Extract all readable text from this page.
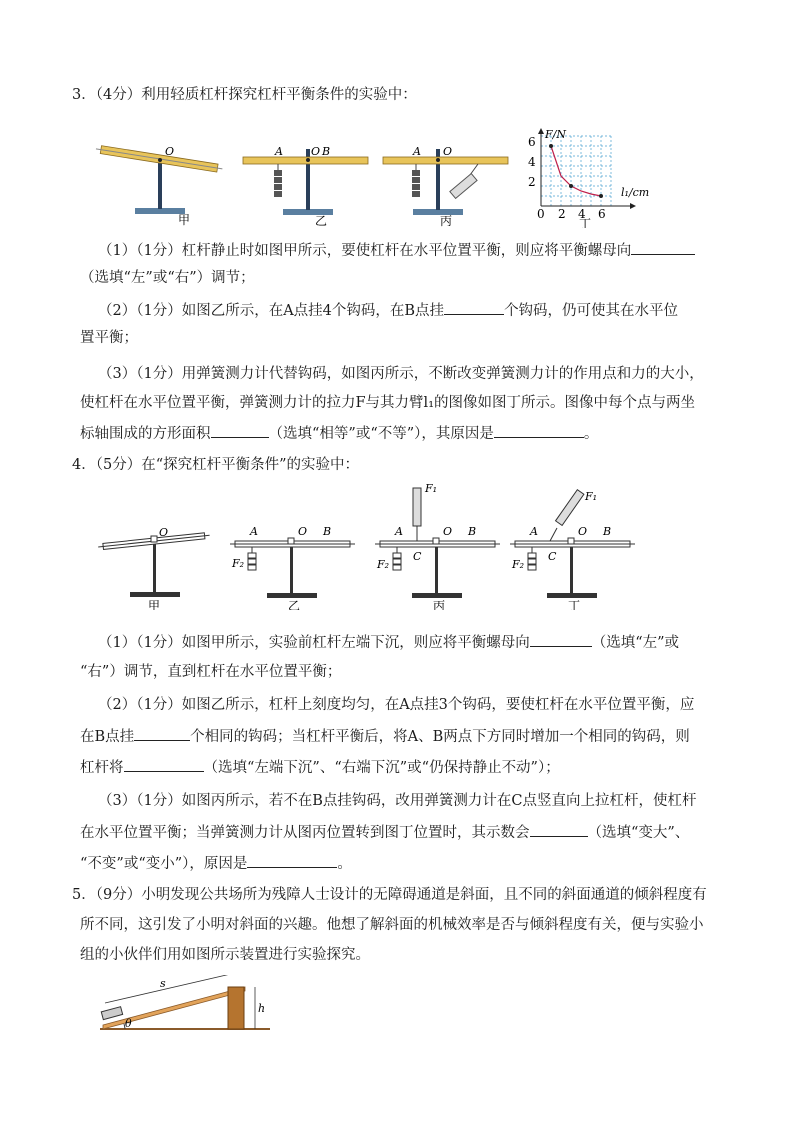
3．（4分）利用轻质杠杆探究杠杆平衡条件的实验中：
O
甲
A	O B
乙
A O
丙
F/N
l₁/cm
6
4
2
0 2 4 6
丁
（1）（1分）杠杆静止时如图甲所示，要使杠杆在水平位置平衡，则应将平衡螺母向
（选填“左”或“右”）调节；
（2）（1分）如图乙所示，在A点挂4个钩码，在B点挂	个钩码，仍可使其在水平位
置平衡；
（3）（1分）用弹簧测力计代替钩码，如图丙所示，不断改变弹簧测力计的作用点和力的大小，
使杠杆在水平位置平衡，弹簧测力计的拉力F与其力臂l₁的图像如图丁所示。图像中每个点与两坐
标轴围成的方形面积	（选填“相等”或“不等”），其原因是	。
4．（5分）在“探究杠杆平衡条件”的实验中：
O
甲
A	O B
F₂
乙
F₁
A
C
O B
F₂
丙
F₁
A
C
O B
F₂
丁
（1）（1分）如图甲所示，实验前杠杆左端下沉，则应将平衡螺母向	（选填“左”或
“右”）调节，直到杠杆在水平位置平衡；
（2）（1分）如图乙所示，杠杆上刻度均匀，在A点挂3个钩码，要使杠杆在水平位置平衡，应
在B点挂	个相同的钩码；当杠杆平衡后，将A、B两点下方同时增加一个相同的钩码，则
杠杆将	（选填“左端下沉”、“右端下沉”或“仍保持静止不动”）；
（3）（1分）如图丙所示，若不在B点挂钩码，改用弹簧测力计在C点竖直向上拉杠杆，使杠杆
在水平位置平衡；当弹簧测力计从图丙位置转到图丁位置时，其示数会	（选填“变大”、
“不变”或“变小”），原因是	。
5．（9分）小明发现公共场所为残障人士设计的无障碍通道是斜面，且不同的斜面通道的倾斜程度有
所不同，这引发了小明对斜面的兴趣。他想了解斜面的机械效率是否与倾斜程度有关，便与实验小
组的小伙伴们用如图所示装置进行实验探究。
s
h
θ
